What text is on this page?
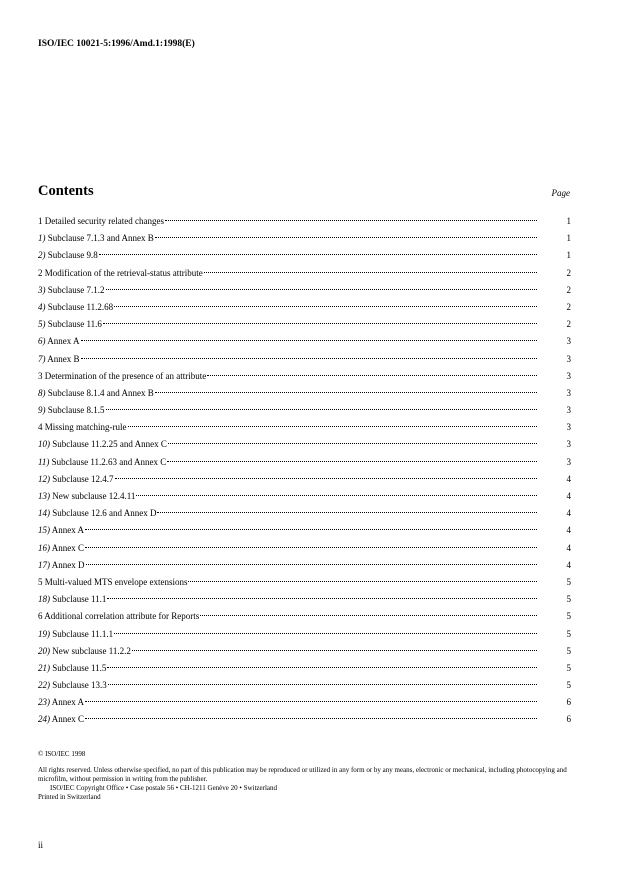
ISO/IEC 10021-5:1996/Amd.1:1998(E)
Contents	Page
1 Detailed security related changes	1
1) Subclause 7.1.3 and Annex B	1
2) Subclause 9.8	1
2 Modification of the retrieval-status attribute	2
3) Subclause 7.1.2	2
4) Subclause 11.2.68	2
5) Subclause 11.6	2
6) Annex A	3
7) Annex B	3
3 Determination of the presence of an attribute	3
8) Subclause 8.1.4 and Annex B	3
9) Subclause 8.1.5	3
4 Missing matching-rule	3
10) Subclause 11.2.25 and Annex C	3
11) Subclause 11.2.63 and Annex C	3
12) Subclause 12.4.7	4
13) New subclause 12.4.11	4
14) Subclause 12.6 and Annex D	4
15) Annex A	4
16) Annex C	4
17) Annex D	4
5 Multi-valued MTS envelope extensions	5
18) Subclause 11.1	5
6 Additional correlation attribute for Reports	5
19) Subclause 11.1.1	5
20) New subclause 11.2.2	5
21) Subclause 11.5	5
22) Subclause 13.3	5
23) Annex A	6
24) Annex C	6

© ISO/IEC 1998

All rights reserved. Unless otherwise specified, no part of this publication may be reproduced or utilized in any form or by any means, electronic or mechanical, including photocopying and microfilm, without permission in writing from the publisher.

ISO/IEC Copyright Office • Case postale 56 • CH-1211 Genève 20 • Switzerland

Printed in Switzerland

ii
